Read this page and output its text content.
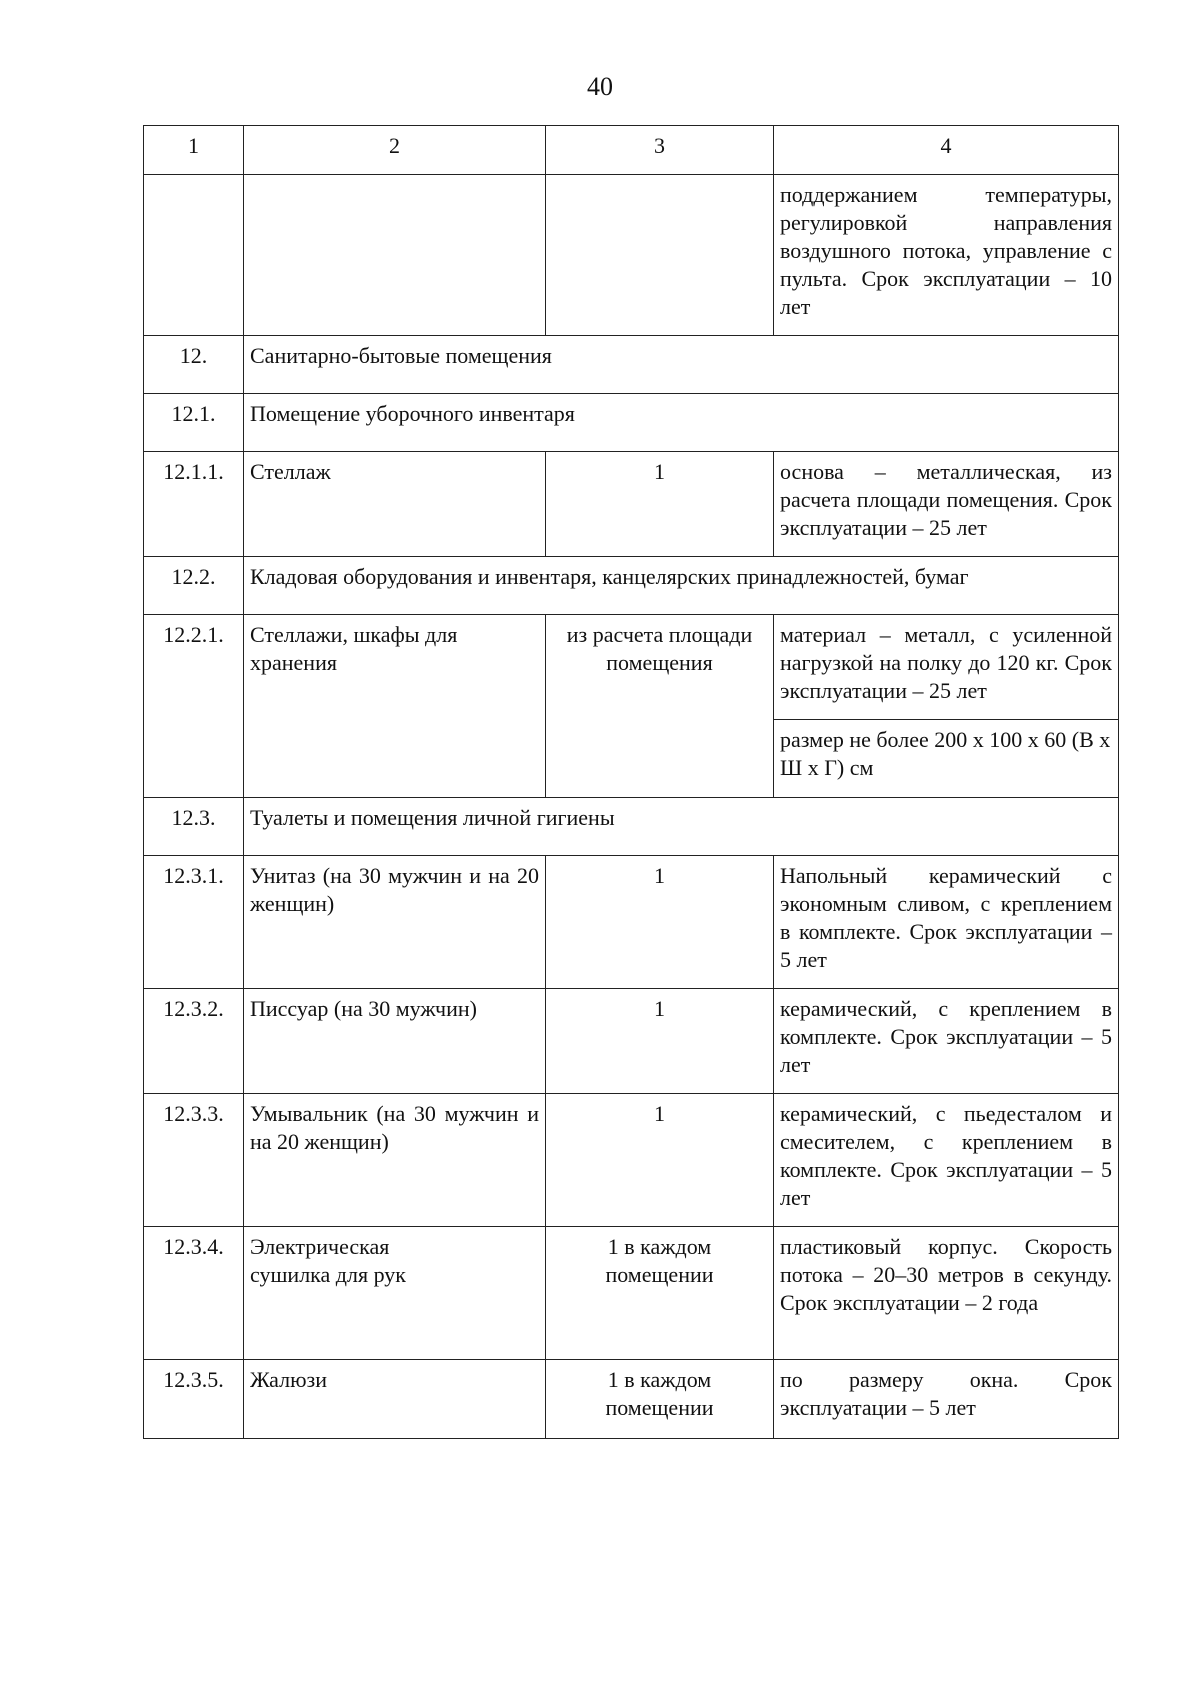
40
1	2	3	4
			поддержанием температуры, регулировкой направления воздушного потока, управление с пульта. Срок эксплуатации – 10 лет
12.	Санитарно-бытовые помещения		
12.1.	Помещение уборочного инвентаря		
12.1.1.	Стеллаж	1	основа – металлическая, из расчета площади помещения. Срок эксплуатации – 25 лет
12.2.	Кладовая оборудования и инвентаря, канцелярских принадлежностей, бумаг		
12.2.1.	Стеллажи, шкафы для хранения	из расчета площади помещения	материал – металл, с усиленной нагрузкой на полку до 120 кг. Срок эксплуатации – 25 лет
			размер не более 200 х 100 х 60 (В х Ш х Г) см
12.3.	Туалеты и помещения личной гигиены		
12.3.1.	Унитаз (на 30 мужчин и на 20 женщин)	1	Напольный керамический с экономным сливом, с креплением в комплекте. Срок эксплуатации – 5 лет
12.3.2.	Писсуар (на 30 мужчин)	1	керамический, с креплением в комплекте. Срок эксплуатации – 5 лет
12.3.3.	Умывальник (на 30 мужчин и на 20 женщин)	1	керамический, с пьедесталом и смесителем, с креплением в комплекте. Срок эксплуатации – 5 лет
12.3.4.	Электрическая сушилка для рук	1 в каждом помещении	пластиковый корпус. Скорость потока – 20–30 метров в секунду. Срок эксплуатации – 2 года
12.3.5.	Жалюзи	1 в каждом помещении	по размеру окна. Срок эксплуатации – 5 лет
